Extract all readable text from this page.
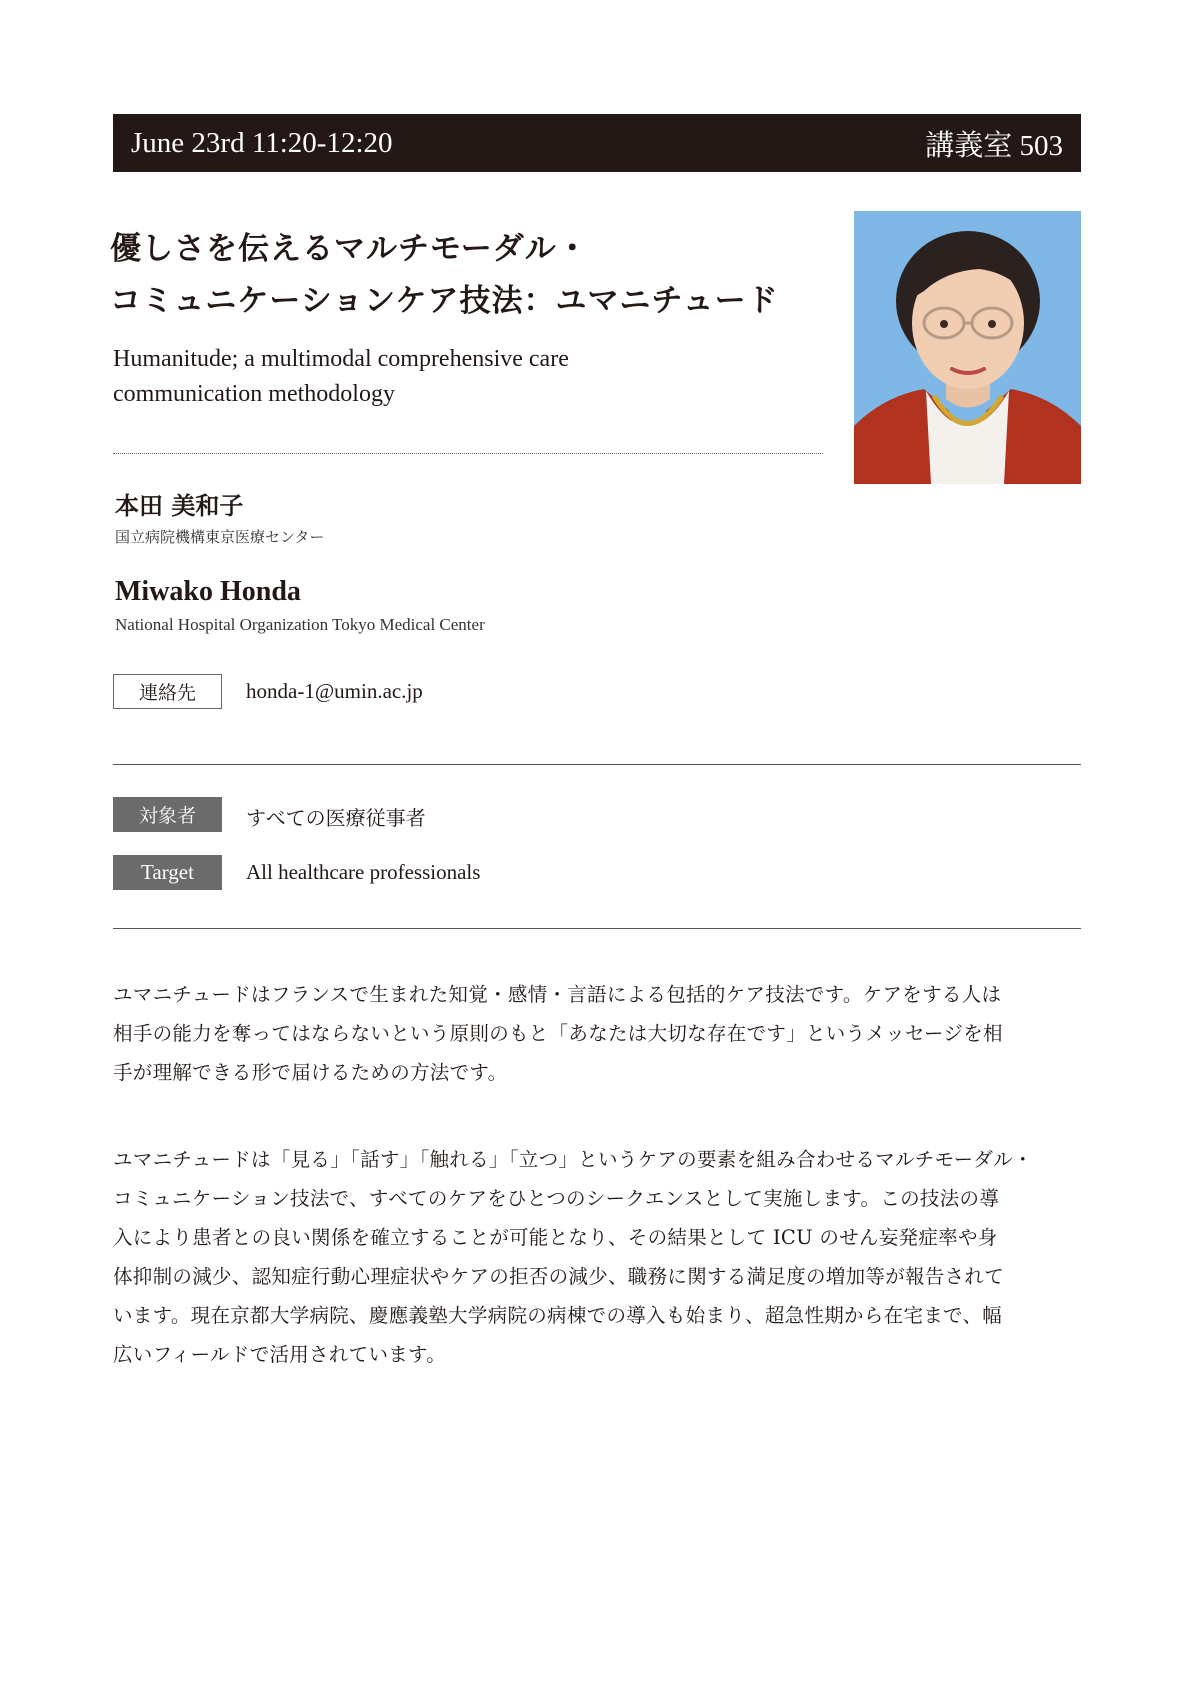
June 23rd 11:20-12:20	講義室 503
優しさを伝えるマルチモーダル・
コミュニケーションケア技法：ユマニチュード
Humanitude; a multimodal comprehensive care
communication methodology
本田 美和子
国立病院機構東京医療センター
Miwako Honda
National Hospital Organization Tokyo Medical Center
連絡先	honda-1@umin.ac.jp
対象者	すべての医療従事者
Target	All healthcare professionals
ユマニチュードはフランスで生まれた知覚・感情・言語による包括的ケア技法です。ケアをする人は
相手の能力を奪ってはならないという原則のもと「あなたは大切な存在です」というメッセージを相
手が理解できる形で届けるための方法です。
ユマニチュードは「見る」「話す」「触れる」「立つ」というケアの要素を組み合わせるマルチモーダル・
コミュニケーション技法で、すべてのケアをひとつのシークエンスとして実施します。この技法の導
入により患者との良い関係を確立することが可能となり、その結果として ICU のせん妄発症率や身
体抑制の減少、認知症行動心理症状やケアの拒否の減少、職務に関する満足度の増加等が報告されて
います。現在京都大学病院、慶應義塾大学病院の病棟での導入も始まり、超急性期から在宅まで、幅
広いフィールドで活用されています。
